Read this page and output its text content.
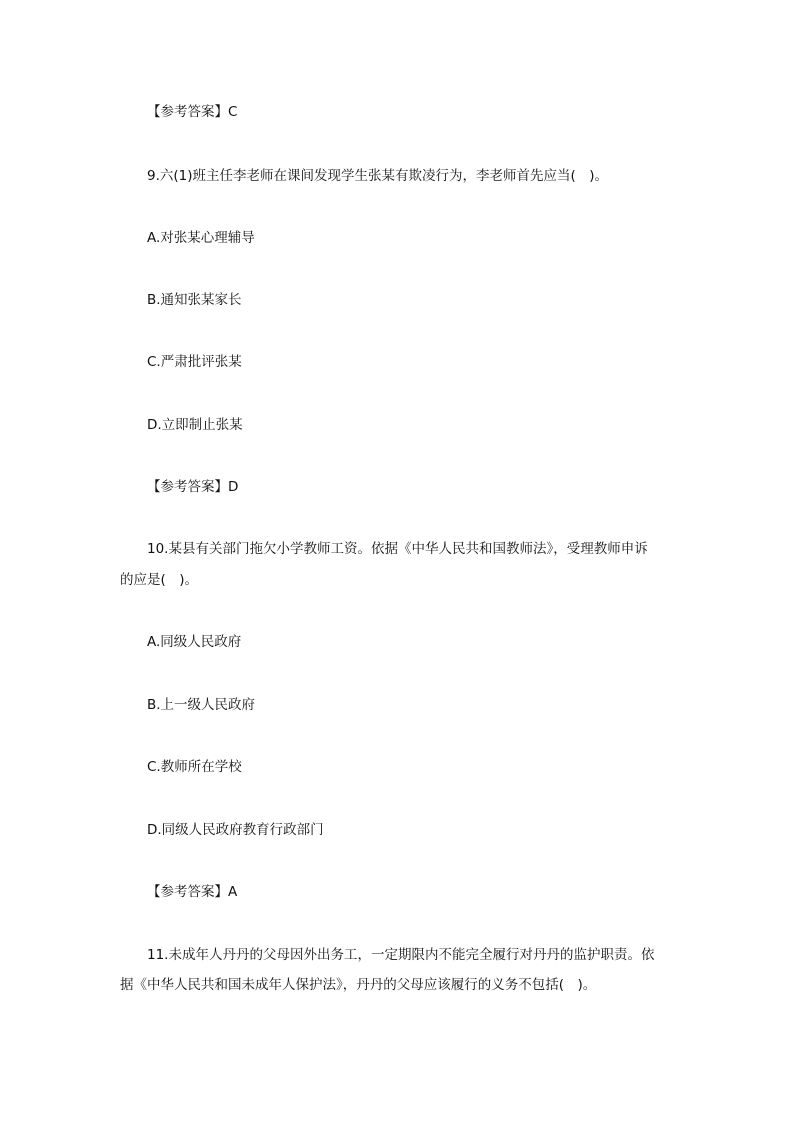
【参考答案】C
9.六(1)班主任李老师在课间发现学生张某有欺凌行为，李老师首先应当(　)。
A.对张某心理辅导
B.通知张某家长
C.严肃批评张某
D.立即制止张某
【参考答案】D
10.某县有关部门拖欠小学教师工资。依据《中华人民共和国教师法》，受理教师申诉
的应是(　)。
A.同级人民政府
B.上一级人民政府
C.教师所在学校
D.同级人民政府教育行政部门
【参考答案】A
11.未成年人丹丹的父母因外出务工，一定期限内不能完全履行对丹丹的监护职责。依
据《中华人民共和国未成年人保护法》，丹丹的父母应该履行的义务不包括(　)。
